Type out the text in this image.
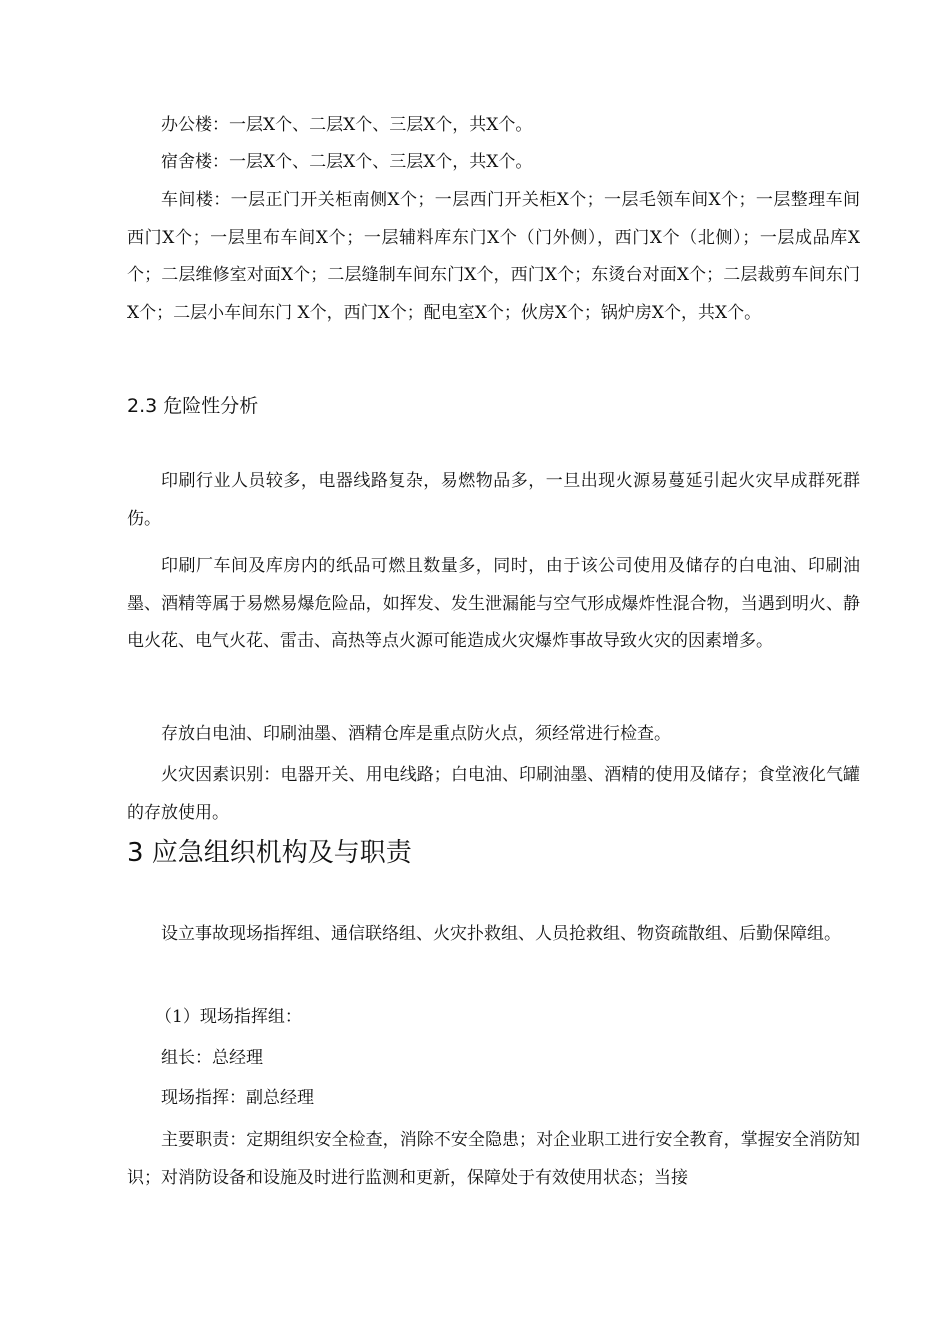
办公楼：一层X个、二层X个、三层X个，共X个。

宿舍楼：一层X个、二层X个、三层X个，共X个。

车间楼：一层正门开关柜南侧X个；一层西门开关柜X个；一层毛领车间X个；一层整理车间西门X个；一层里布车间X个；一层辅料库东门X个（门外侧），西门X个（北侧）；一层成品库X个；二层维修室对面X个；二层缝制车间东门X个，西门X个；东烫台对面X个；二层裁剪车间东门 X个；二层小车间东门 X个，西门X个；配电室X个；伙房X个；锅炉房X个，共X个。

2.3 危险性分析

印刷行业人员较多，电器线路复杂，易燃物品多，一旦出现火源易蔓延引起火灾早成群死群伤。

印刷厂车间及库房内的纸品可燃且数量多，同时，由于该公司使用及储存的白电油、印刷油墨、酒精等属于易燃易爆危险品，如挥发、发生泄漏能与空气形成爆炸性混合物，当遇到明火、静电火花、电气火花、雷击、高热等点火源可能造成火灾爆炸事故导致火灾的因素增多。

存放白电油、印刷油墨、酒精仓库是重点防火点，须经常进行检查。

火灾因素识别：电器开关、用电线路；白电油、印刷油墨、酒精的使用及储存；食堂液化气罐的存放使用。

3 应急组织机构及与职责

设立事故现场指挥组、通信联络组、火灾扑救组、人员抢救组、物资疏散组、后勤保障组。

（1）现场指挥组：

组长：总经理

现场指挥：副总经理

主要职责：定期组织安全检查，消除不安全隐患；对企业职工进行安全教育，掌握安全消防知识；对消防设备和设施及时进行监测和更新，保障处于有效使用状态；当接
